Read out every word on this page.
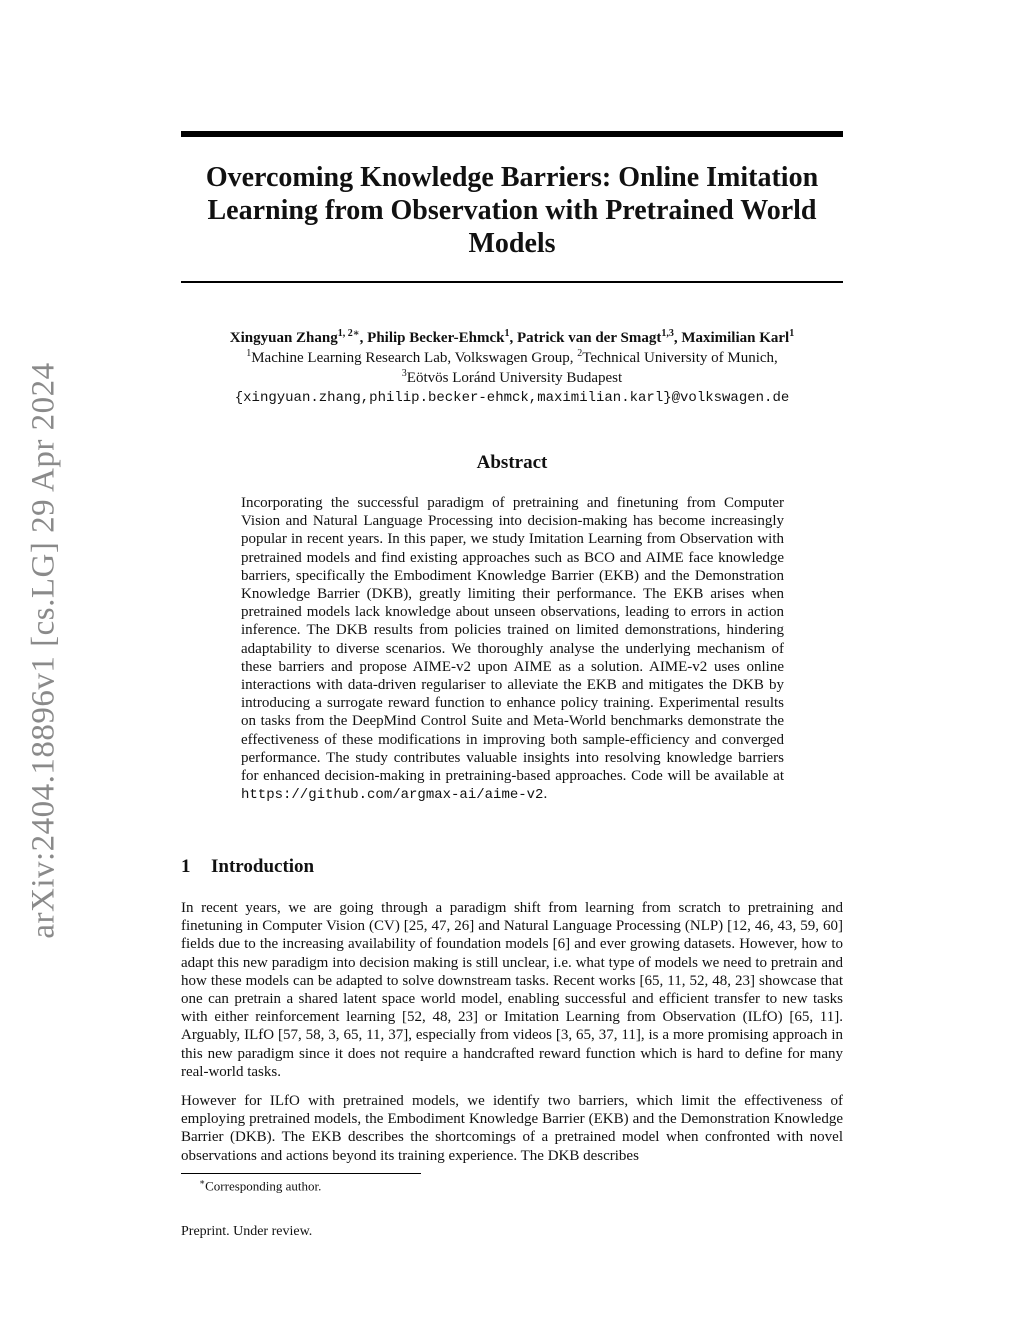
arXiv:2404.18896v1 [cs.LG] 29 Apr 2024
Overcoming Knowledge Barriers: Online Imitation Learning from Observation with Pretrained World Models
Xingyuan Zhang$^{1, 2∗}$, Philip Becker-Ehmck$^1$, Patrick van der Smagt$^{1,3}$, Maximilian Karl$^1$
$^1$Machine Learning Research Lab, Volkswagen Group, $^2$Technical University of Munich,
$^3$Eötvös Loránd University Budapest
{xingyuan.zhang,philip.becker-ehmck,maximilian.karl}@volkswagen.de
Abstract
Incorporating the successful paradigm of pretraining and finetuning from Computer Vision and Natural Language Processing into decision-making has become increasingly popular in recent years. In this paper, we study Imitation Learning from Observation with pretrained models and find existing approaches such as BCO and AIME face knowledge barriers, specifically the Embodiment Knowledge Barrier (EKB) and the Demonstration Knowledge Barrier (DKB), greatly limiting their performance. The EKB arises when pretrained models lack knowledge about unseen observations, leading to errors in action inference. The DKB results from policies trained on limited demonstrations, hindering adaptability to diverse scenarios. We thoroughly analyse the underlying mechanism of these barriers and propose AIME-v2 upon AIME as a solution. AIME-v2 uses online interactions with data-driven regulariser to alleviate the EKB and mitigates the DKB by introducing a surrogate reward function to enhance policy training. Experimental results on tasks from the DeepMind Control Suite and Meta-World benchmarks demonstrate the effectiveness of these modifications in improving both sample-efficiency and converged performance. The study contributes valuable insights into resolving knowledge barriers for enhanced decision-making in pretraining-based approaches. Code will be available at https://github.com/argmax-ai/aime-v2.
1 Introduction
In recent years, we are going through a paradigm shift from learning from scratch to pretraining and finetuning in Computer Vision (CV) [25, 47, 26] and Natural Language Processing (NLP) [12, 46, 43, 59, 60] fields due to the increasing availability of foundation models [6] and ever growing datasets. However, how to adapt this new paradigm into decision making is still unclear, i.e. what type of models we need to pretrain and how these models can be adapted to solve downstream tasks. Recent works [65, 11, 52, 48, 23] showcase that one can pretrain a shared latent space world model, enabling successful and efficient transfer to new tasks with either reinforcement learning [52, 48, 23] or Imitation Learning from Observation (ILfO) [65, 11]. Arguably, ILfO [57, 58, 3, 65, 11, 37], especially from videos [3, 65, 37, 11], is a more promising approach in this new paradigm since it does not require a handcrafted reward function which is hard to define for many real-world tasks.
However for ILfO with pretrained models, we identify two barriers, which limit the effectiveness of employing pretrained models, the Embodiment Knowledge Barrier (EKB) and the Demonstration Knowledge Barrier (DKB). The EKB describes the shortcomings of a pretrained model when confronted with novel observations and actions beyond its training experience. The DKB describes
∗Corresponding author.
Preprint. Under review.
